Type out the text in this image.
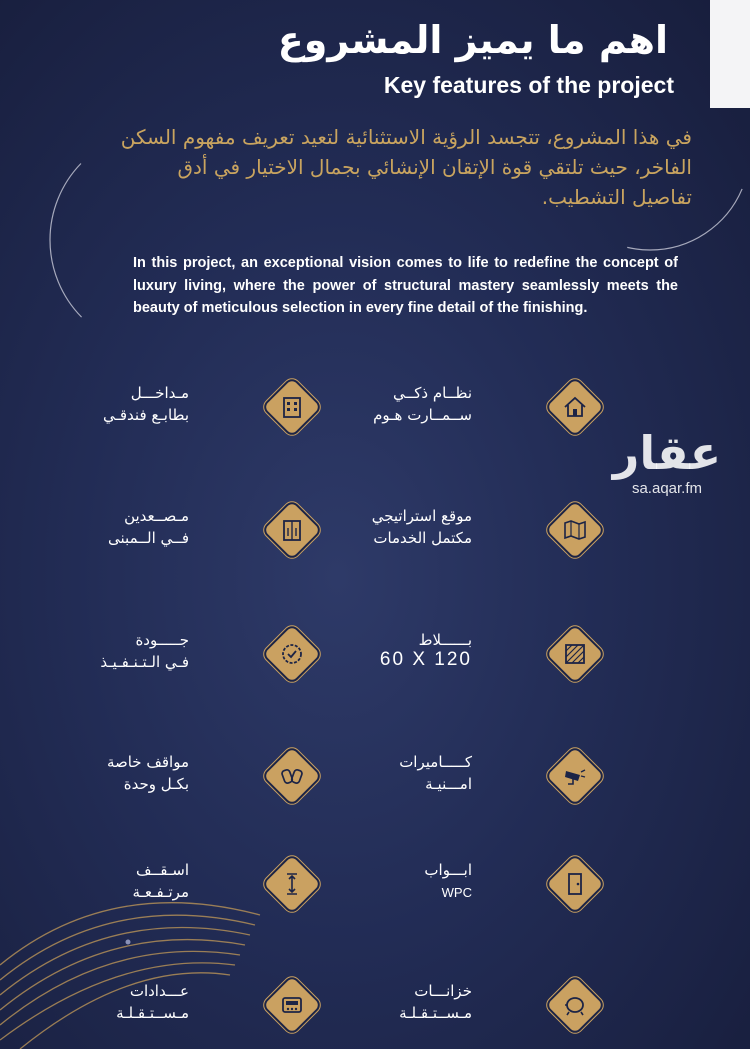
اهم ما يميز المشروع
Key features of the project
في هذا المشروع، تتجسد الرؤية الاستثنائية لتعيد تعريف مفهوم السكن الفاخر، حيث تلتقي قوة الإتقان الإنشائي بجمال الاختيار في أدق تفاصيل التشطيب.
In this project, an exceptional vision comes to life to redefine the concept of luxury living, where the power of structural mastery seamlessly meets the beauty of meticulous selection in every fine detail of the finishing.
عقار
sa.aqar.fm
نظــام ذكــي
ســمــارت هـوم
مـداخـــل
بطابـع فندقـي
موقع استراتيجي
مكتمل الخدمات
مـصــعدين
فــي الــمبنى
بــــــلاط
60 X 120
جـــــودة
فـي الـتـنـفـيـذ
كـــــاميرات
امـــنيـة
مواقف خاصة
بكـل وحدة
ابـــواب
WPC
اسـقــف
مرتـفـعـة
خزانـــات
مـســتـقـلـة
عـــدادات
مـســتـقـلـة
